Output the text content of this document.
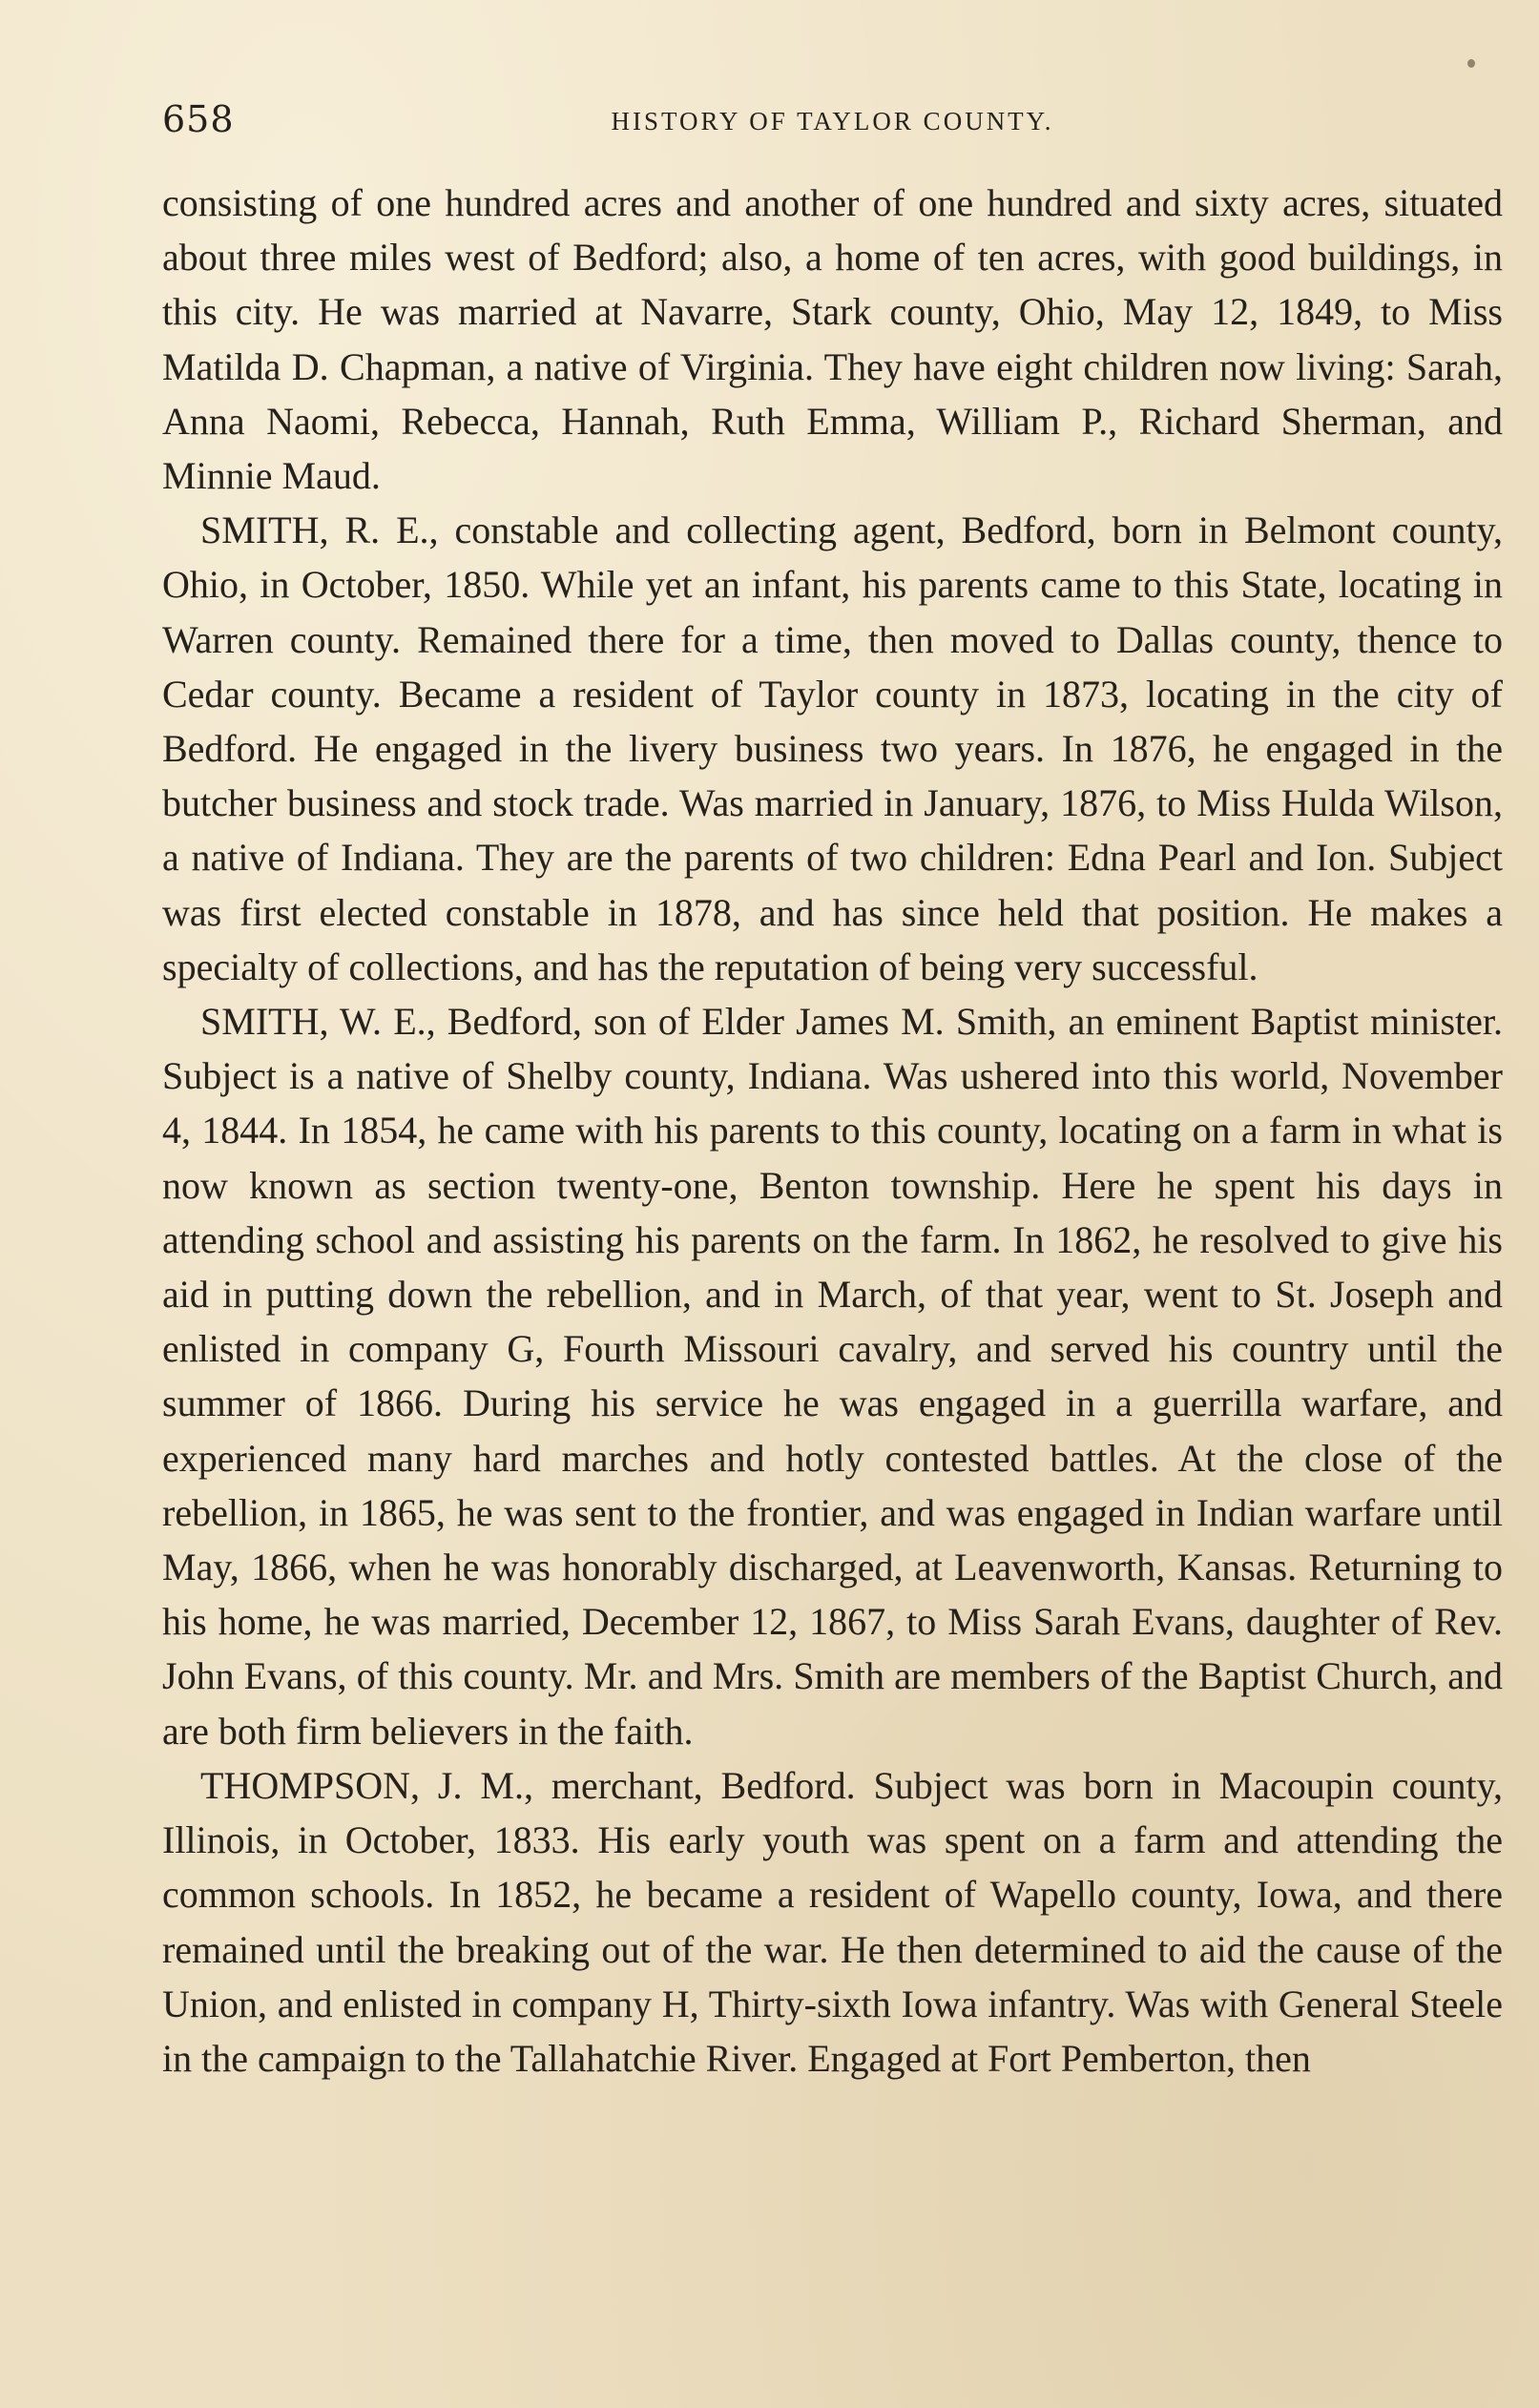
658	HISTORY OF TAYLOR COUNTY.

consisting of one hundred acres and another of one hundred and sixty acres, situated about three miles west of Bedford; also, a home of ten acres, with good buildings, in this city. He was married at Navarre, Stark county, Ohio, May 12, 1849, to Miss Matilda D. Chapman, a native of Virginia. They have eight children now living: Sarah, Anna Naomi, Rebecca, Hannah, Ruth Emma, William P., Richard Sherman, and Minnie Maud.

SMITH, R. E., constable and collecting agent, Bedford, born in Belmont county, Ohio, in October, 1850. While yet an infant, his parents came to this State, locating in Warren county. Remained there for a time, then moved to Dallas county, thence to Cedar county. Became a resident of Taylor county in 1873, locating in the city of Bedford. He engaged in the livery business two years. In 1876, he engaged in the butcher business and stock trade. Was married in January, 1876, to Miss Hulda Wilson, a native of Indiana. They are the parents of two children: Edna Pearl and Ion. Subject was first elected constable in 1878, and has since held that position. He makes a specialty of collections, and has the reputation of being very successful.

SMITH, W. E., Bedford, son of Elder James M. Smith, an eminent Baptist minister. Subject is a native of Shelby county, Indiana. Was ushered into this world, November 4, 1844. In 1854, he came with his parents to this county, locating on a farm in what is now known as section twenty-one, Benton township. Here he spent his days in attending school and assisting his parents on the farm. In 1862, he resolved to give his aid in putting down the rebellion, and in March, of that year, went to St. Joseph and enlisted in company G, Fourth Missouri cavalry, and served his country until the summer of 1866. During his service he was engaged in a guerrilla warfare, and experienced many hard marches and hotly contested battles. At the close of the rebellion, in 1865, he was sent to the frontier, and was engaged in Indian warfare until May, 1866, when he was honorably discharged, at Leavenworth, Kansas. Returning to his home, he was married, December 12, 1867, to Miss Sarah Evans, daughter of Rev. John Evans, of this county. Mr. and Mrs. Smith are members of the Baptist Church, and are both firm believers in the faith.

THOMPSON, J. M., merchant, Bedford. Subject was born in Macoupin county, Illinois, in October, 1833. His early youth was spent on a farm and attending the common schools. In 1852, he became a resident of Wapello county, Iowa, and there remained until the breaking out of the war. He then determined to aid the cause of the Union, and enlisted in company H, Thirty-sixth Iowa infantry. Was with General Steele in the campaign to the Tallahatchie River. Engaged at Fort Pemberton, then
